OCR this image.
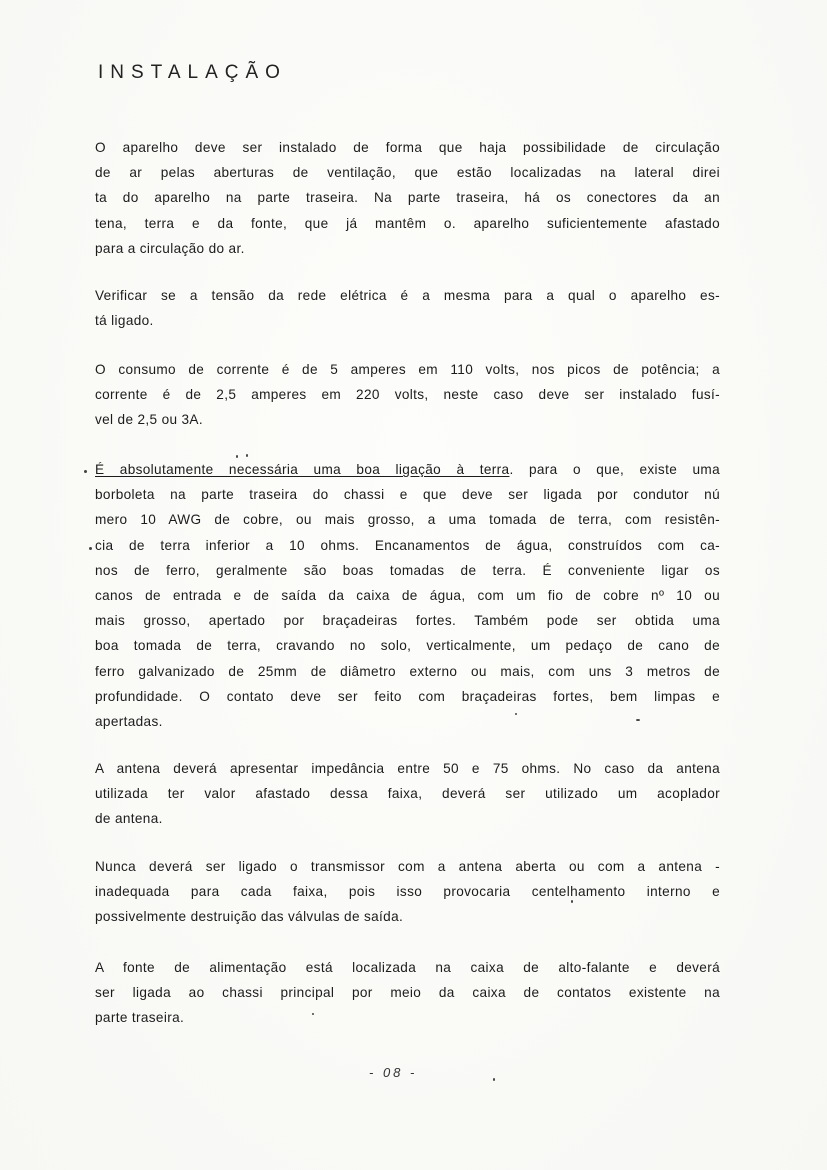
INSTALAÇÃO
O aparelho deve ser instalado de forma que haja possibilidade de circulação
de ar pelas aberturas de ventilação, que estão localizadas na lateral direi
ta do aparelho na parte traseira. Na parte traseira, há os conectores da an
tena, terra e da fonte, que já mantêm o. aparelho suficientemente afastado
para a circulação do ar.
Verificar se a tensão da rede elétrica é a mesma para a qual o aparelho es-
tá ligado.
O consumo de corrente é de 5 amperes em 110 volts, nos picos de potência; a
corrente é de 2,5 amperes em 220 volts, neste caso deve ser instalado fusí-
vel de 2,5 ou 3A.
É absolutamente necessária uma boa ligação à terra. para o que, existe uma
borboleta na parte traseira do chassi e que deve ser ligada por condutor nú
mero 10 AWG de cobre, ou mais grosso, a uma tomada de terra, com resistên-
cia de terra inferior a 10 ohms. Encanamentos de água, construídos com ca-
nos de ferro, geralmente são boas tomadas de terra. É conveniente ligar os
canos de entrada e de saída da caixa de água, com um fio de cobre nº 10 ou
mais grosso, apertado por braçadeiras fortes. Também pode ser obtida uma
boa tomada de terra, cravando no solo, verticalmente, um pedaço de cano de
ferro galvanizado de 25mm de diâmetro externo ou mais, com uns 3 metros de
profundidade. O contato deve ser feito com braçadeiras fortes, bem limpas e
apertadas.
A antena deverá apresentar impedância entre 50 e 75 ohms. No caso da antena
utilizada ter valor afastado dessa faixa, deverá ser utilizado um acoplador
de antena.
Nunca deverá ser ligado o transmissor com a antena aberta ou com a antena -
inadequada para cada faixa, pois isso provocaria centelhamento interno e
possivelmente destruição das válvulas de saída.
A fonte de alimentação está localizada na caixa de alto-falante e deverá
ser ligada ao chassi principal por meio da caixa de contatos existente na
parte traseira.
- 08 -
